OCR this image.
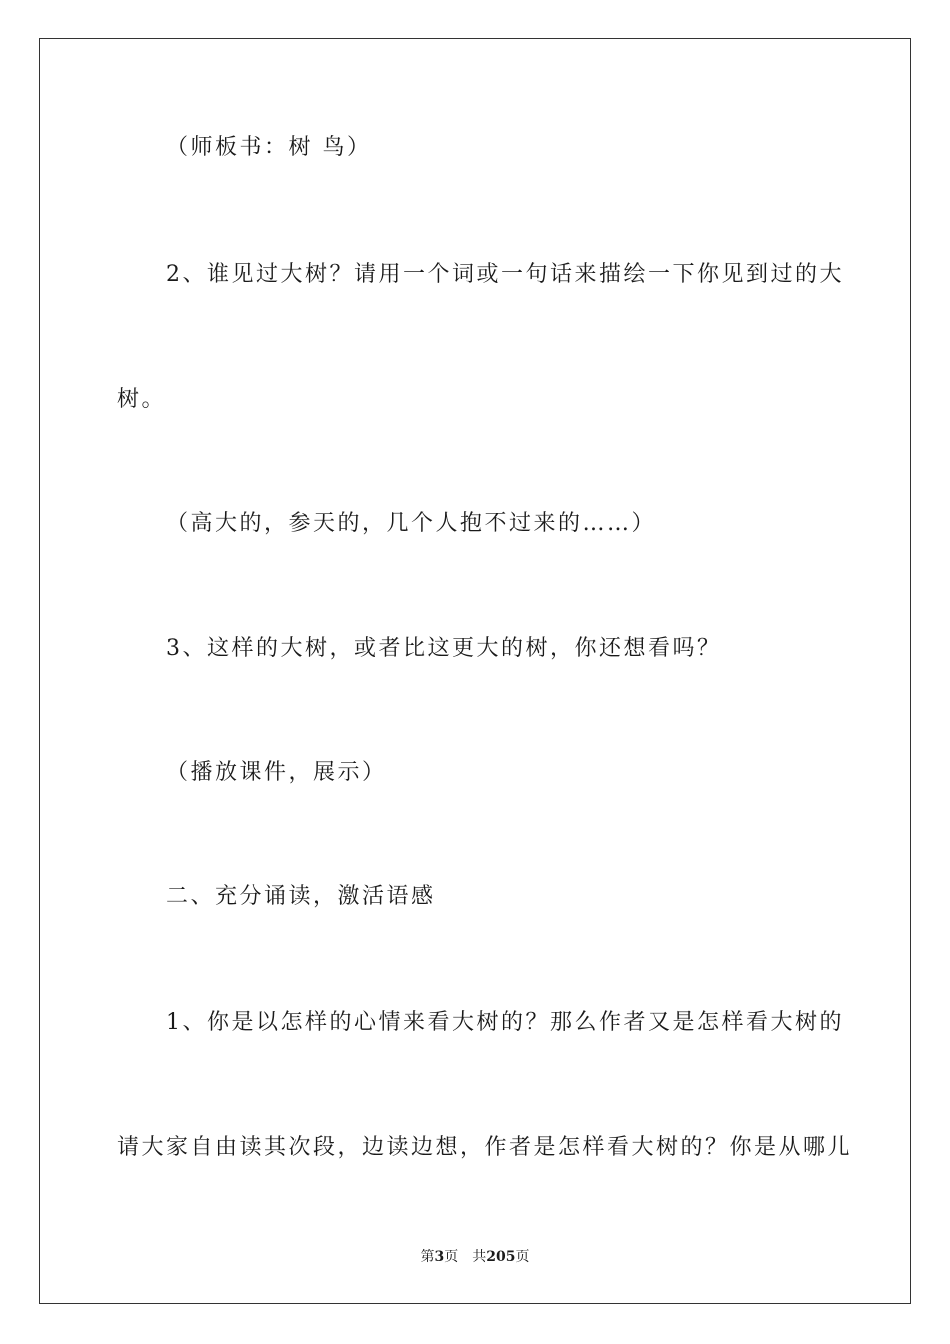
（师板书：树 鸟）
2、谁见过大树？请用一个词或一句话来描绘一下你见到过的大
树。
（高大的，参天的，几个人抱不过来的……）
3、这样的大树，或者比这更大的树，你还想看吗？
（播放课件，展示）
二、充分诵读，激活语感
1、你是以怎样的心情来看大树的？那么作者又是怎样看大树的
请大家自由读其次段，边读边想，作者是怎样看大树的？你是从哪儿
第3页 共205页
